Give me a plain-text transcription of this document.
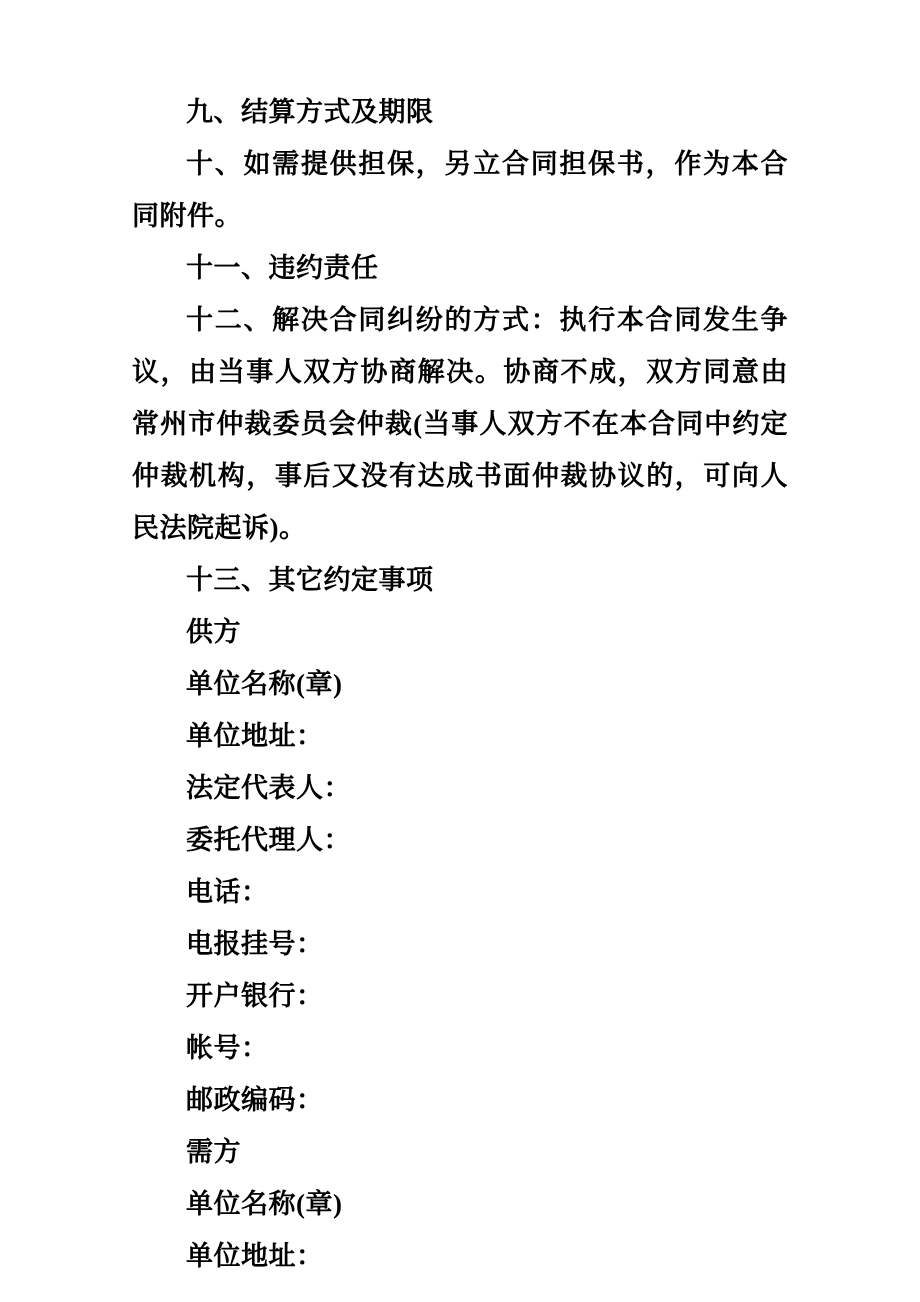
九、结算方式及期限

十、如需提供担保，另立合同担保书，作为本合同附件。

十一、违约责任

十二、解决合同纠纷的方式：执行本合同发生争议，由当事人双方协商解决。协商不成，双方同意由常州市仲裁委员会仲裁(当事人双方不在本合同中约定仲裁机构，事后又没有达成书面仲裁协议的，可向人民法院起诉)。

十三、其它约定事项

供方

单位名称(章)

单位地址：

法定代表人：

委托代理人：

电话：

电报挂号：

开户银行：

帐号：

邮政编码：

需方

单位名称(章)

单位地址：
